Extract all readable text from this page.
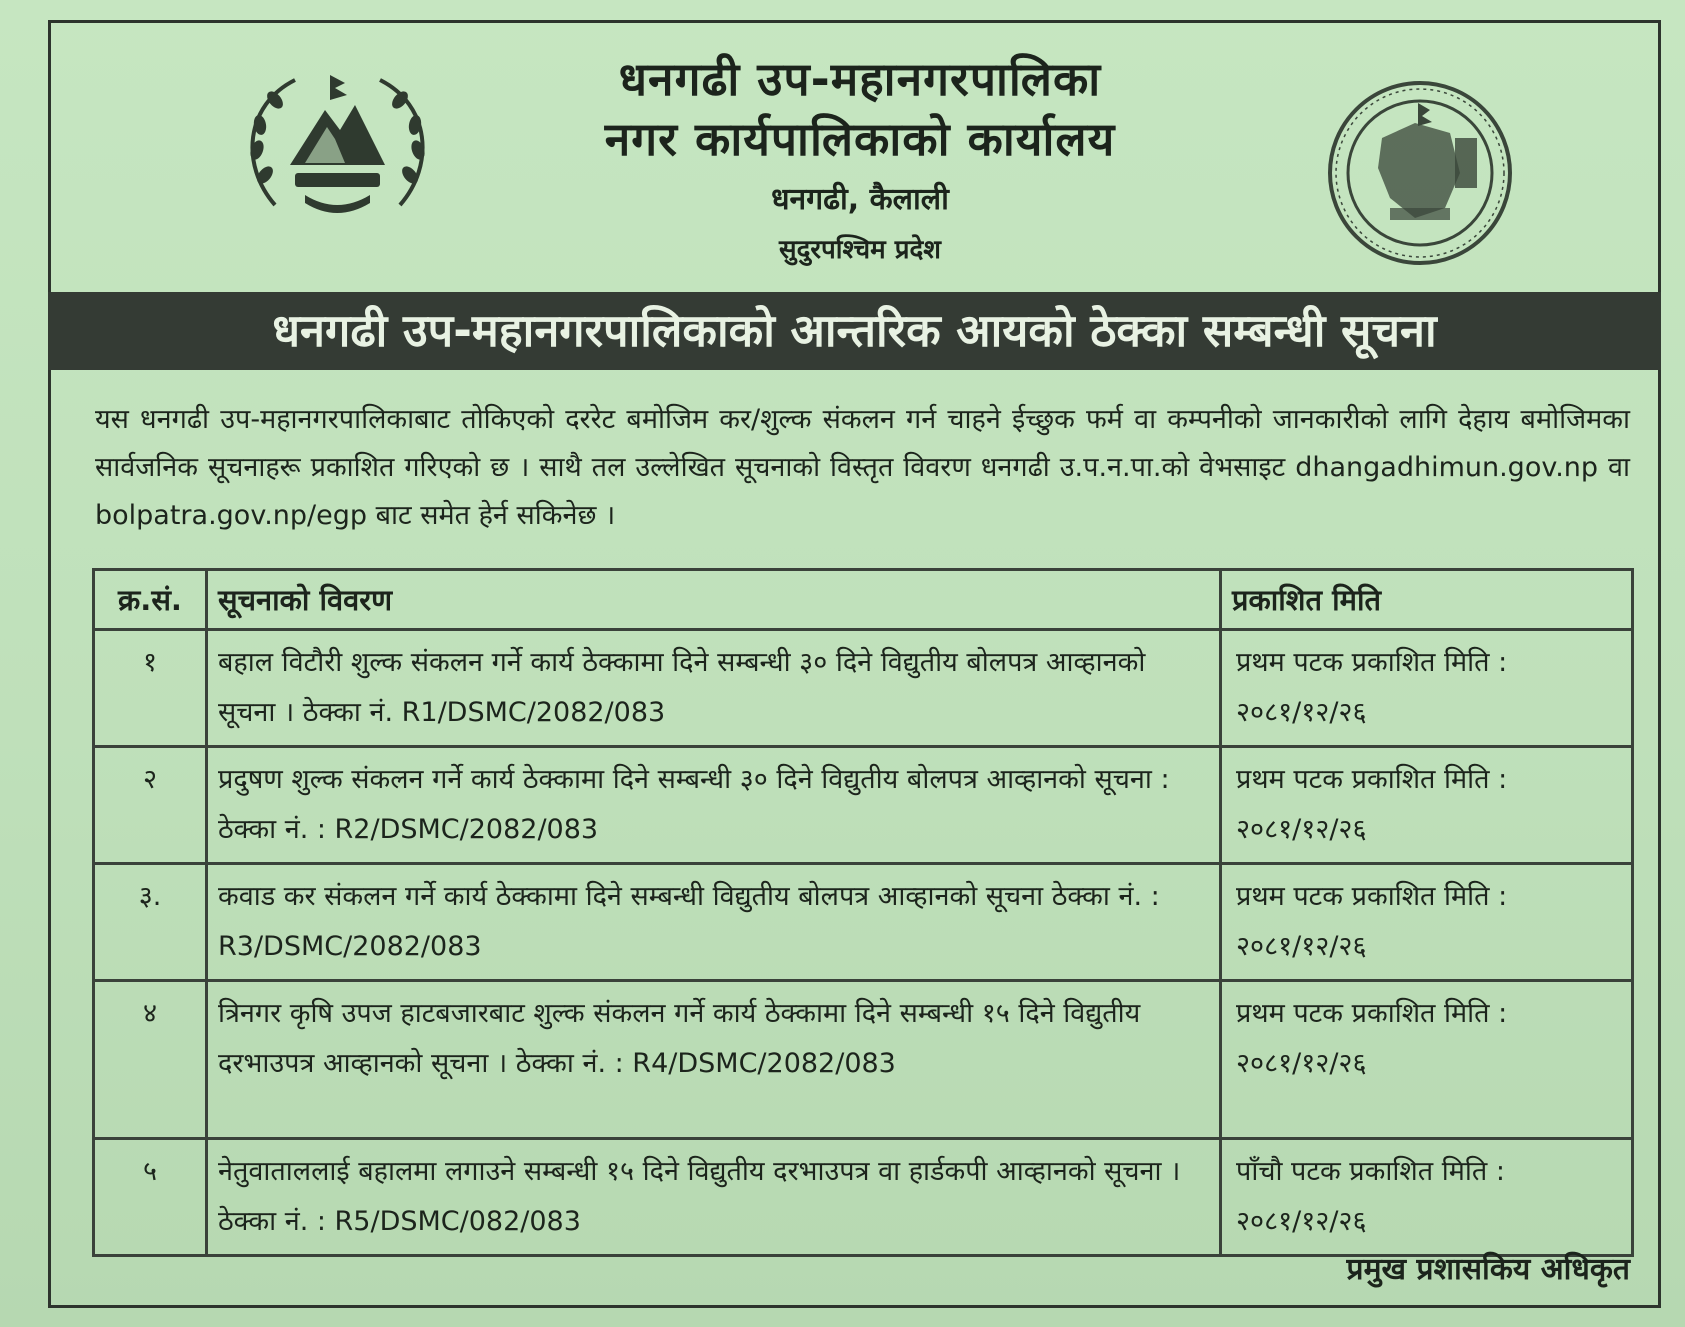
धनगढी उप-महानगरपालिका
नगर कार्यपालिकाको कार्यालय
धनगढी, कैलाली
सुदुरपश्चिम प्रदेश
धनगढी उप-महानगरपालिकाको आन्तरिक आयको ठेक्का सम्बन्धी सूचना

यस धनगढी उप-महानगरपालिकाबाट तोकिएको दररेट बमोजिम कर/शुल्क संकलन गर्न चाहने ईच्छुक फर्म वा कम्पनीको जानकारीको लागि देहाय बमोजिमका सार्वजनिक सूचनाहरू प्रकाशित गरिएको छ । साथै तल उल्लेखित सूचनाको विस्तृत विवरण धनगढी उ.प.न.पा.को वेभसाइट dhangadhimun.gov.np वा bolpatra.gov.np/egp बाट समेत हेर्न सकिनेछ ।

क्र.सं.	सूचनाको विवरण	प्रकाशित मिति
१	बहाल विटौरी शुल्क संकलन गर्ने कार्य ठेक्कामा दिने सम्बन्धी ३० दिने विद्युतीय बोलपत्र आव्हानको सूचना । ठेक्का नं. R1/DSMC/2082/083	प्रथम पटक प्रकाशित मिति :
२०८१/१२/२६

२	प्रदुषण शुल्क संकलन गर्ने कार्य ठेक्कामा दिने सम्बन्धी ३० दिने विद्युतीय बोलपत्र आव्हानको सूचना : ठेक्का नं. : R2/DSMC/2082/083	प्रथम पटक प्रकाशित मिति :
२०८१/१२/२६

३.	कवाड कर संकलन गर्ने कार्य ठेक्कामा दिने सम्बन्धी विद्युतीय बोलपत्र आव्हानको सूचना ठेक्का नं. : R3/DSMC/2082/083	प्रथम पटक प्रकाशित मिति :
२०८१/१२/२६

४	त्रिनगर कृषि उपज हाटबजारबाट शुल्क संकलन गर्ने कार्य ठेक्कामा दिने सम्बन्धी १५ दिने विद्युतीय दरभाउपत्र आव्हानको सूचना । ठेक्का नं. : R4/DSMC/2082/083	प्रथम पटक प्रकाशित मिति :
२०८१/१२/२६

५	नेतुवाताललाई बहालमा लगाउने सम्बन्धी १५ दिने विद्युतीय दरभाउपत्र वा हार्डकपी आव्हानको सूचना । ठेक्का नं. : R5/DSMC/082/083	पाँचौ पटक प्रकाशित मिति :
२०८१/१२/२६
प्रमुख प्रशासकिय अधिकृत
